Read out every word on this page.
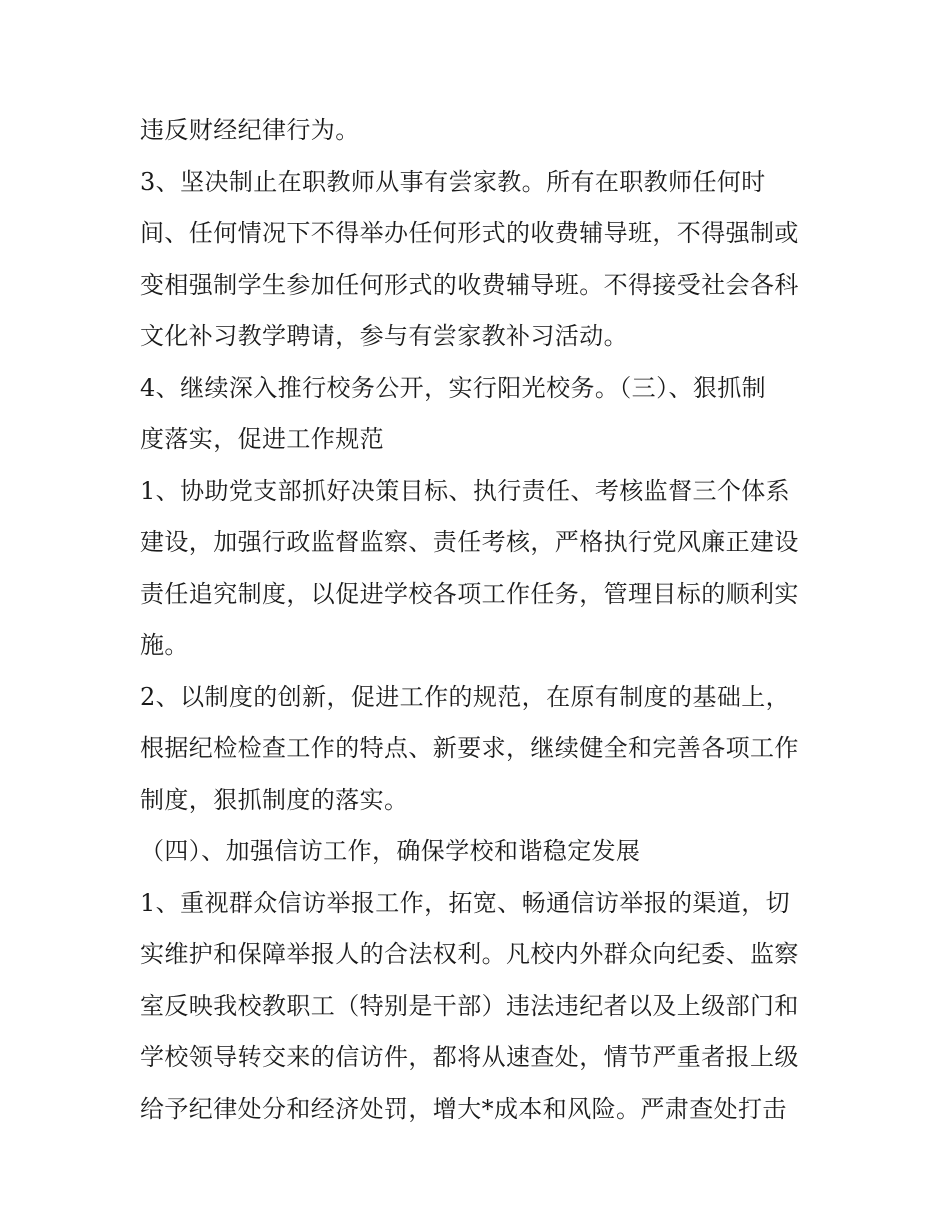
违反财经纪律行为。
3、坚决制止在职教师从事有尝家教。所有在职教师任何时
间、任何情况下不得举办任何形式的收费辅导班，不得强制或
变相强制学生参加任何形式的收费辅导班。不得接受社会各科
文化补习教学聘请，参与有尝家教补习活动。
4、继续深入推行校务公开，实行阳光校务。（三）、狠抓制
度落实，促进工作规范
1、协助党支部抓好决策目标、执行责任、考核监督三个体系
建设，加强行政监督监察、责任考核，严格执行党风廉正建设
责任追究制度，以促进学校各项工作任务，管理目标的顺利实
施。
2、以制度的创新，促进工作的规范，在原有制度的基础上，
根据纪检检查工作的特点、新要求，继续健全和完善各项工作
制度，狠抓制度的落实。
（四）、加强信访工作，确保学校和谐稳定发展
1、重视群众信访举报工作，拓宽、畅通信访举报的渠道，切
实维护和保障举报人的合法权利。凡校内外群众向纪委、监察
室反映我校教职工（特别是干部）违法违纪者以及上级部门和
学校领导转交来的信访件，都将从速查处，情节严重者报上级
给予纪律处分和经济处罚，增大*成本和风险。严肃查处打击
